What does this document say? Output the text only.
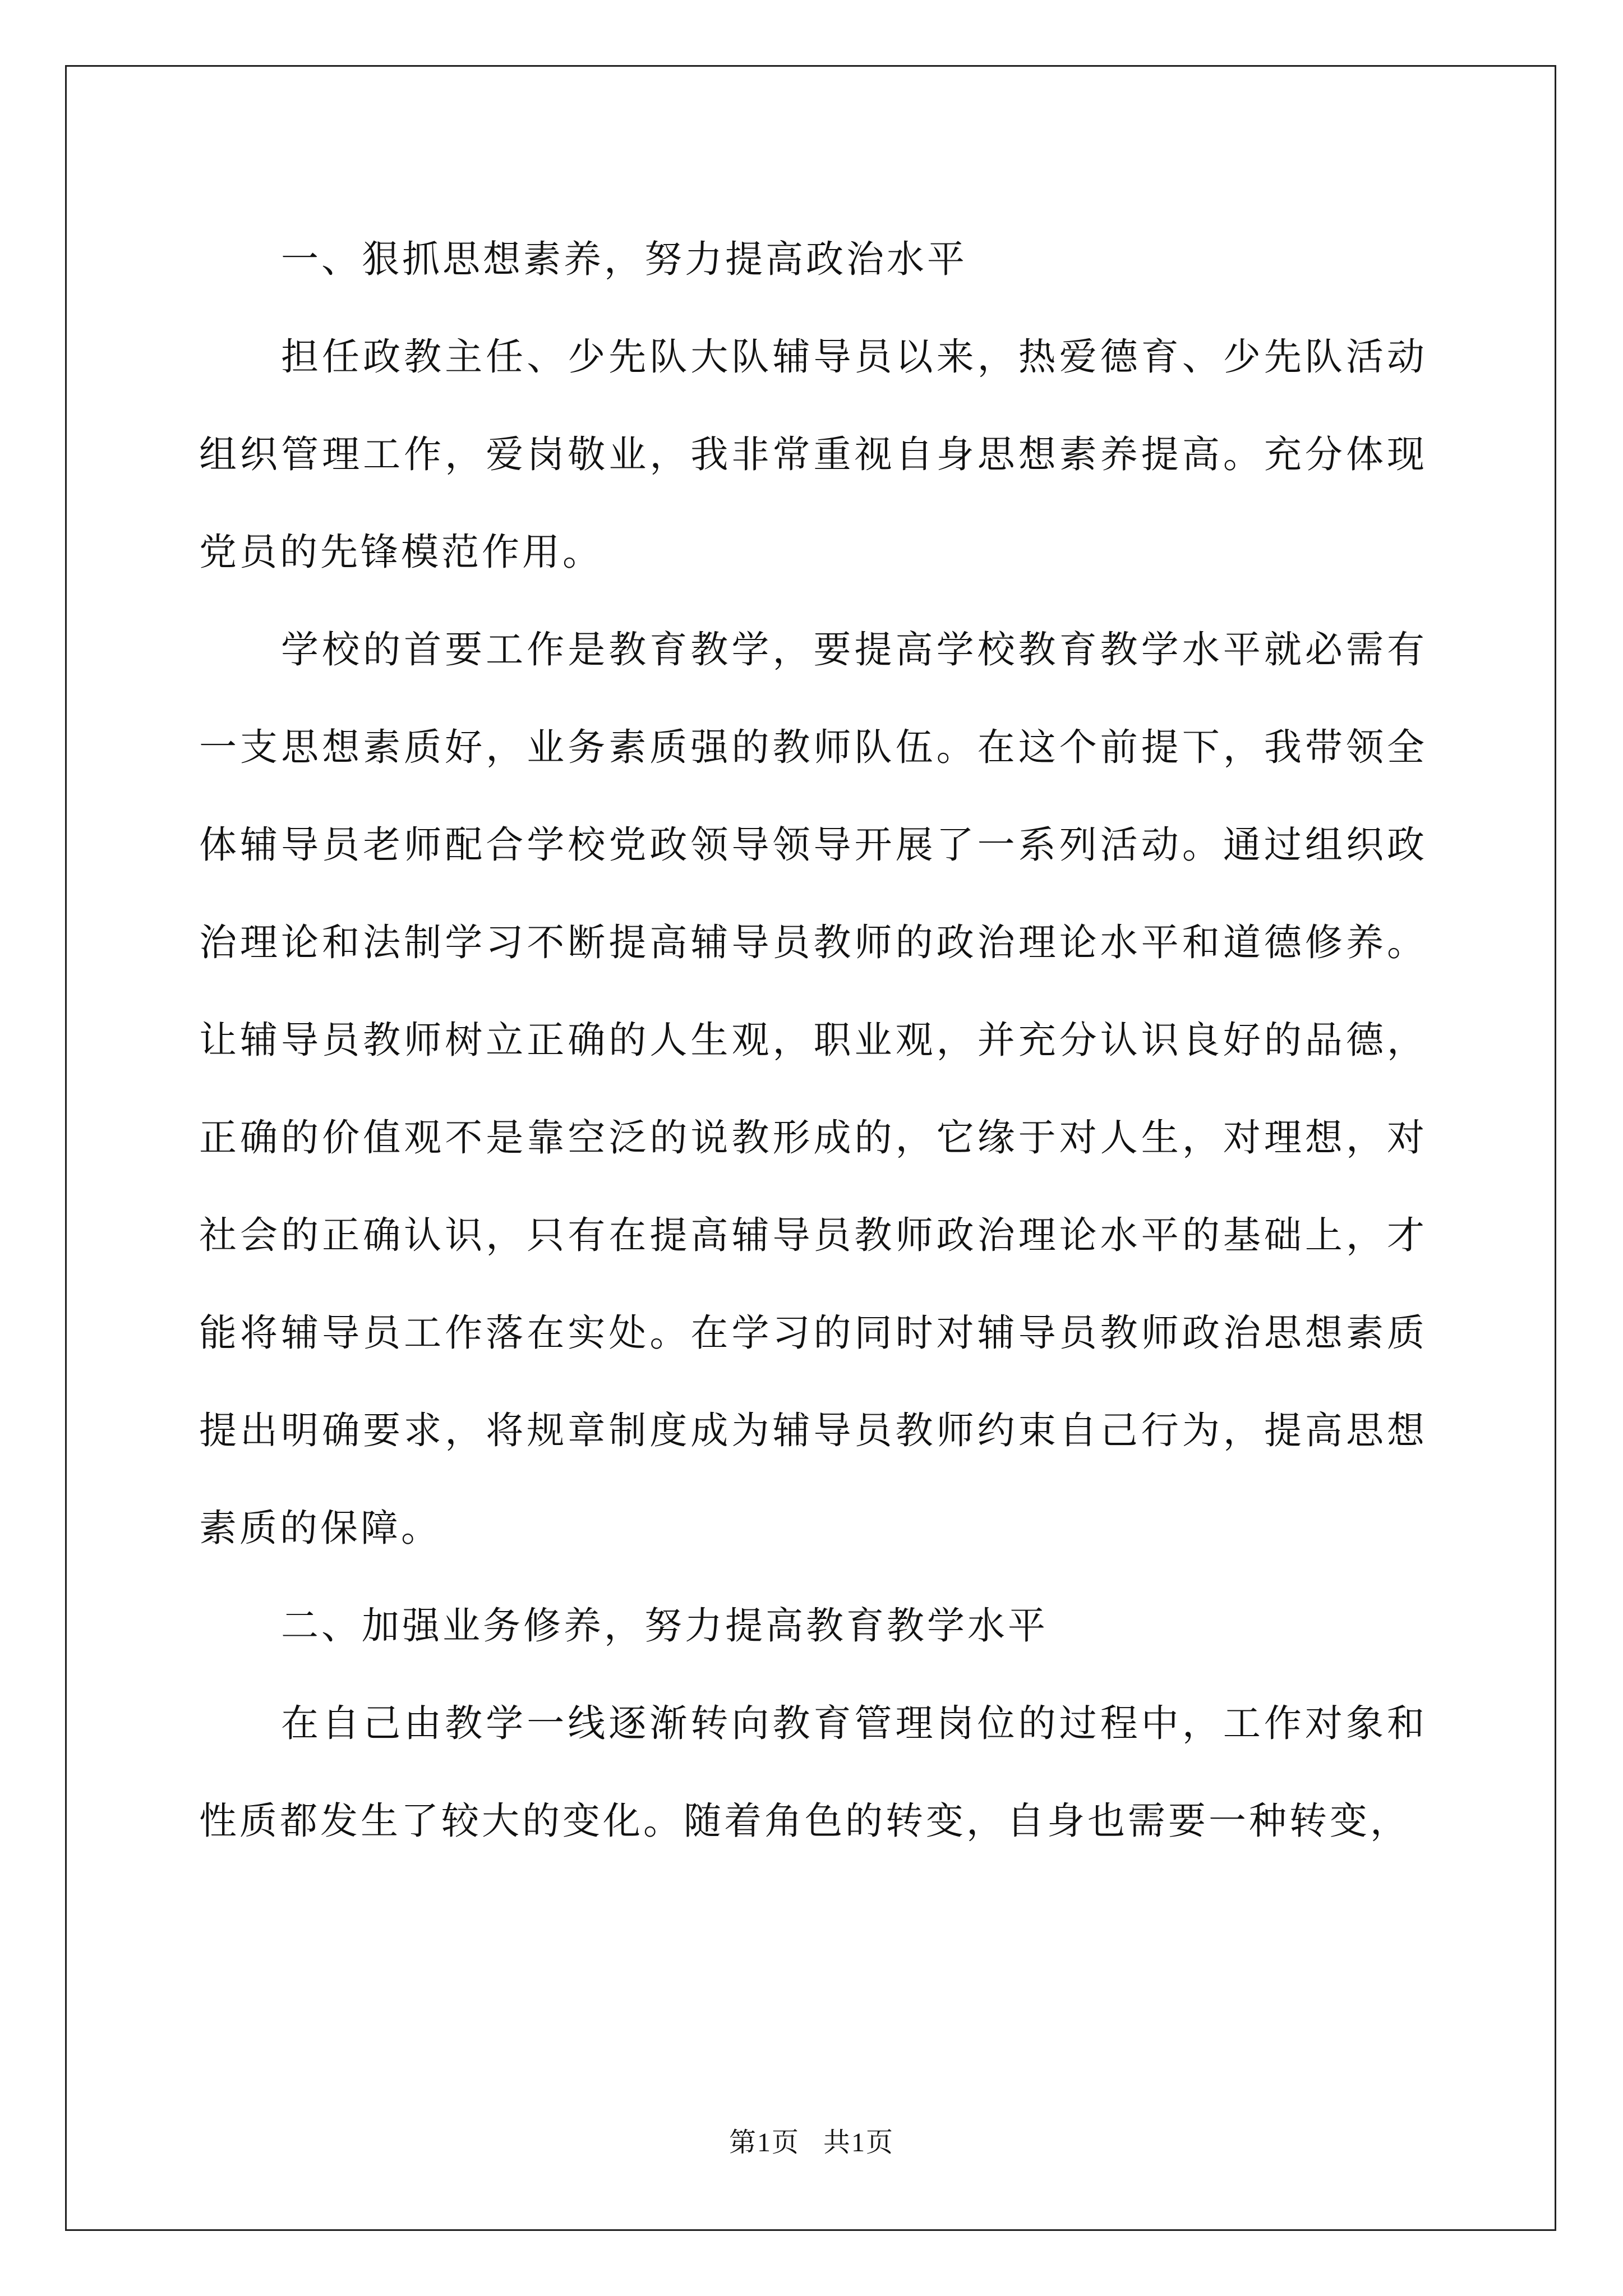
一、狠抓思想素养，努力提高政治水平

担任政教主任、少先队大队辅导员以来，热爱德育、少先队活动组织管理工作，爱岗敬业，我非常重视自身思想素养提高。充分体现党员的先锋模范作用。

学校的首要工作是教育教学，要提高学校教育教学水平就必需有一支思想素质好，业务素质强的教师队伍。在这个前提下，我带领全体辅导员老师配合学校党政领导领导开展了一系列活动。通过组织政治理论和法制学习不断提高辅导员教师的政治理论水平和道德修养。让辅导员教师树立正确的人生观，职业观，并充分认识良好的品德，正确的价值观不是靠空泛的说教形成的，它缘于对人生，对理想，对社会的正确认识，只有在提高辅导员教师政治理论水平的基础上，才能将辅导员工作落在实处。在学习的同时对辅导员教师政治思想素质提出明确要求，将规章制度成为辅导员教师约束自己行为，提高思想素质的保障。

二、加强业务修养，努力提高教育教学水平

在自己由教学一线逐渐转向教育管理岗位的过程中，工作对象和性质都发生了较大的变化。随着角色的转变，自身也需要一种转变，

第1页 共1页
